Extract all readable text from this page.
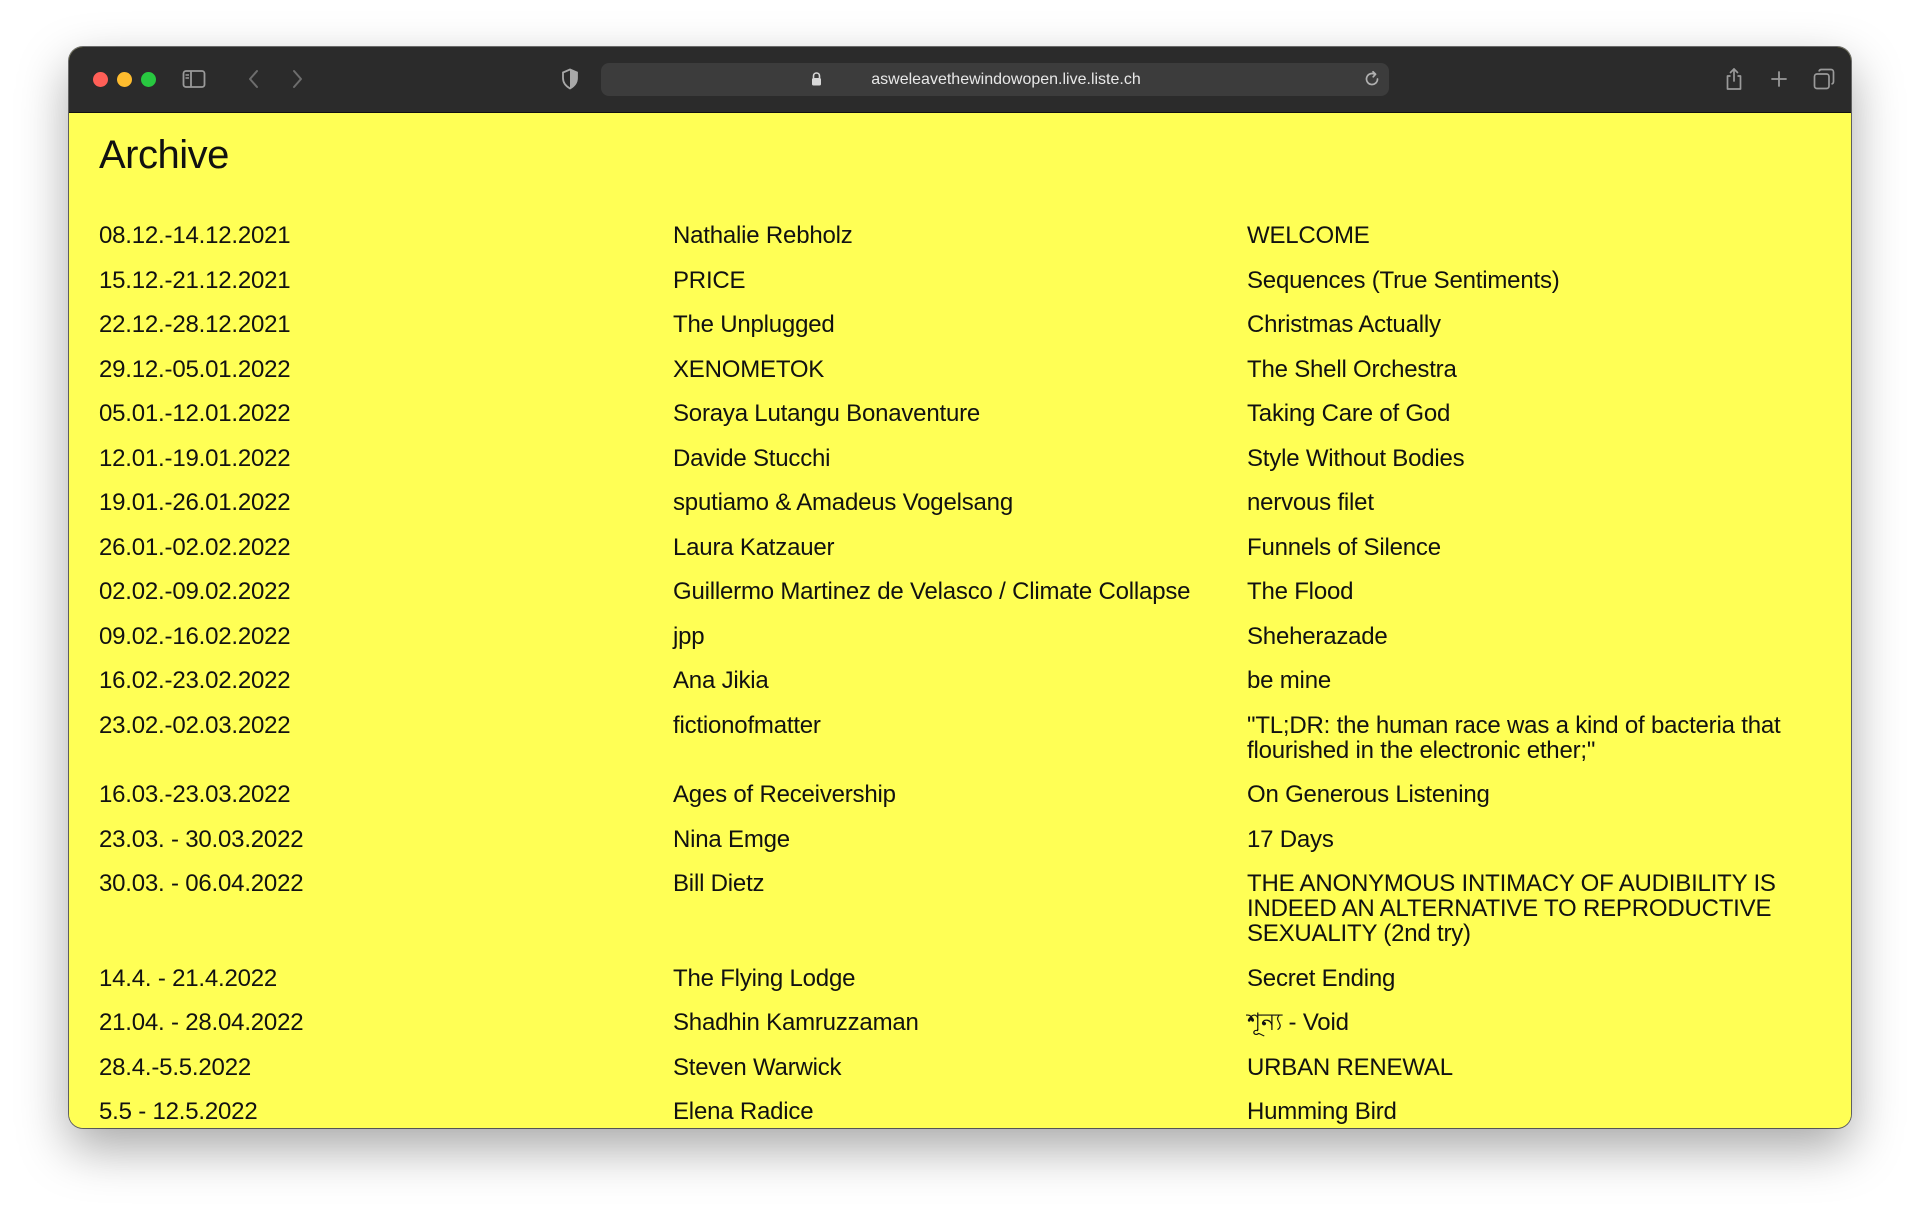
asweleavethewindowopen.live.liste.ch
Archive
08.12.-14.12.2021	Nathalie Rebholz	WELCOME
15.12.-21.12.2021	PRICE	Sequences (True Sentiments)
22.12.-28.12.2021	The Unplugged	Christmas Actually
29.12.-05.01.2022	XENOMETOK	The Shell Orchestra
05.01.-12.01.2022	Soraya Lutangu Bonaventure	Taking Care of God
12.01.-19.01.2022	Davide Stucchi	Style Without Bodies
19.01.-26.01.2022	sputiamo & Amadeus Vogelsang	nervous filet
26.01.-02.02.2022	Laura Katzauer	Funnels of Silence
02.02.-09.02.2022	Guillermo Martinez de Velasco / Climate Collapse	The Flood
09.02.-16.02.2022	jpp	Sheherazade
16.02.-23.02.2022	Ana Jikia	be mine
23.02.-02.03.2022	fictionofmatter	"TL;DR: the human race was a kind of bacteria that flourished in the electronic ether;"
16.03.-23.03.2022	Ages of Receivership	On Generous Listening
23.03. - 30.03.2022	Nina Emge	17 Days
30.03. - 06.04.2022	Bill Dietz	THE ANONYMOUS INTIMACY OF AUDIBILITY IS INDEED AN ALTERNATIVE TO REPRODUCTIVE SEXUALITY (2nd try)
14.4. - 21.4.2022	The Flying Lodge	Secret Ending
21.04. - 28.04.2022	Shadhin Kamruzzaman	শূন্য - Void
28.4.-5.5.2022	Steven Warwick	URBAN RENEWAL
5.5 - 12.5.2022	Elena Radice	Humming Bird
